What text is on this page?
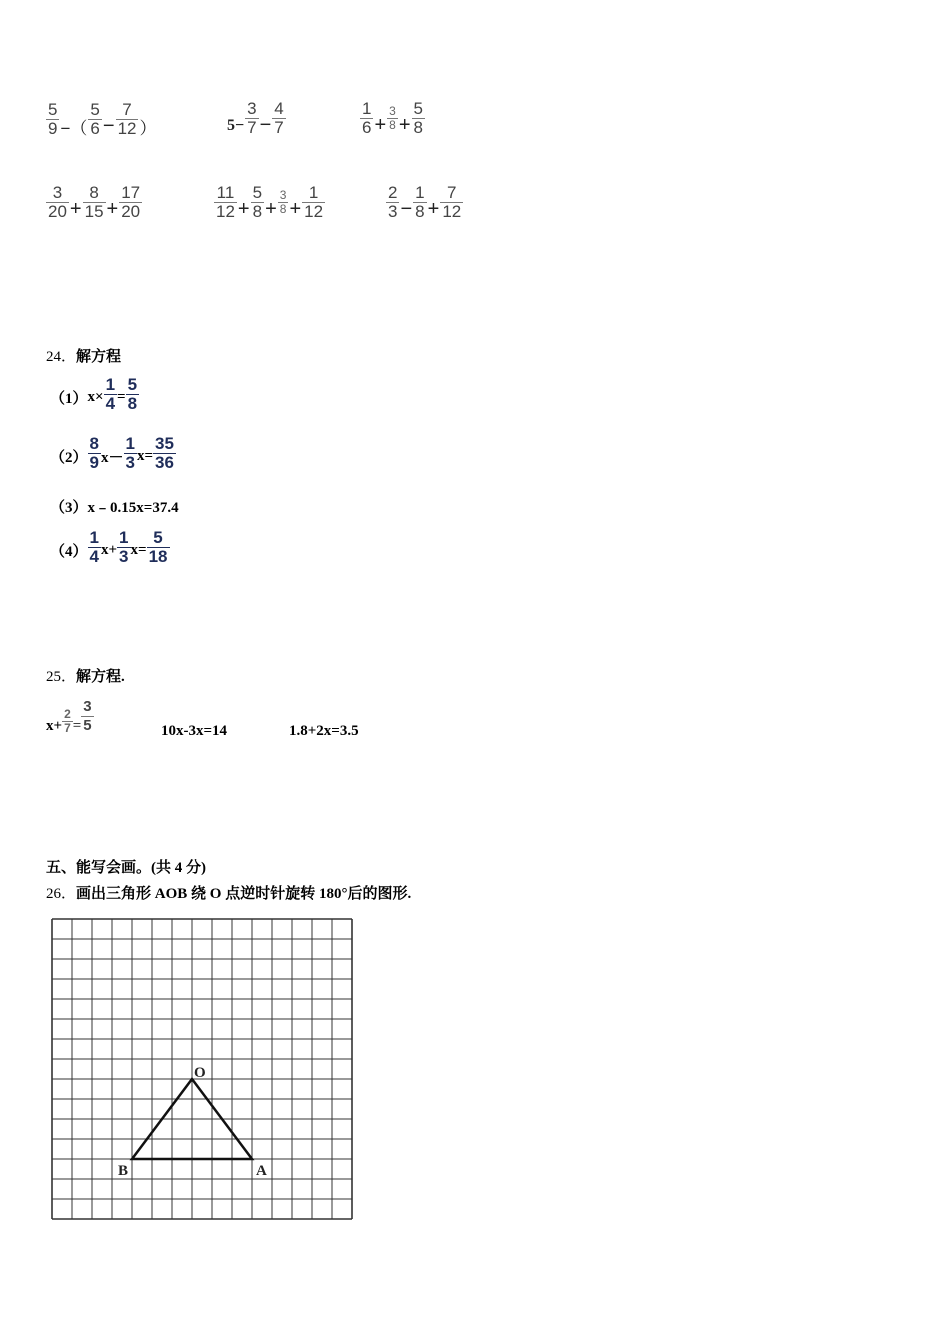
$\frac{5}{9}$ −（ $\frac{5}{6} - \frac{7}{12}$ ）	$5- \frac{3}{7} - \frac{4}{7}$	$\frac{1}{6} + \frac{3}{8} + \frac{5}{8}$
$\frac{3}{20} + \frac{8}{15} + \frac{17}{20}$	$\frac{11}{12} + \frac{5}{8} + \frac{3}{8} + \frac{1}{12}$	$\frac{2}{3} - \frac{1}{8} + \frac{7}{12}$
24．解方程
$(1)x\times \frac{1}{4} = \frac{5}{8}$
$(2) \frac{8}{9} x- \frac{1}{3} x= \frac{35}{36}$
（3）x﹣0.15x=37.4
$(4) \frac{1}{4} x+ \frac{1}{3} x= \frac{5}{18}$
25．解方程.
$x+ \frac{2}{7} = \frac{3}{5}$	10x-3x=14	1.8+2x=3.5
五、能写会画。(共 4 分)
26．画出三角形 AOB 绕 O 点逆时针旋转 180°后的图形.
O
A
B
